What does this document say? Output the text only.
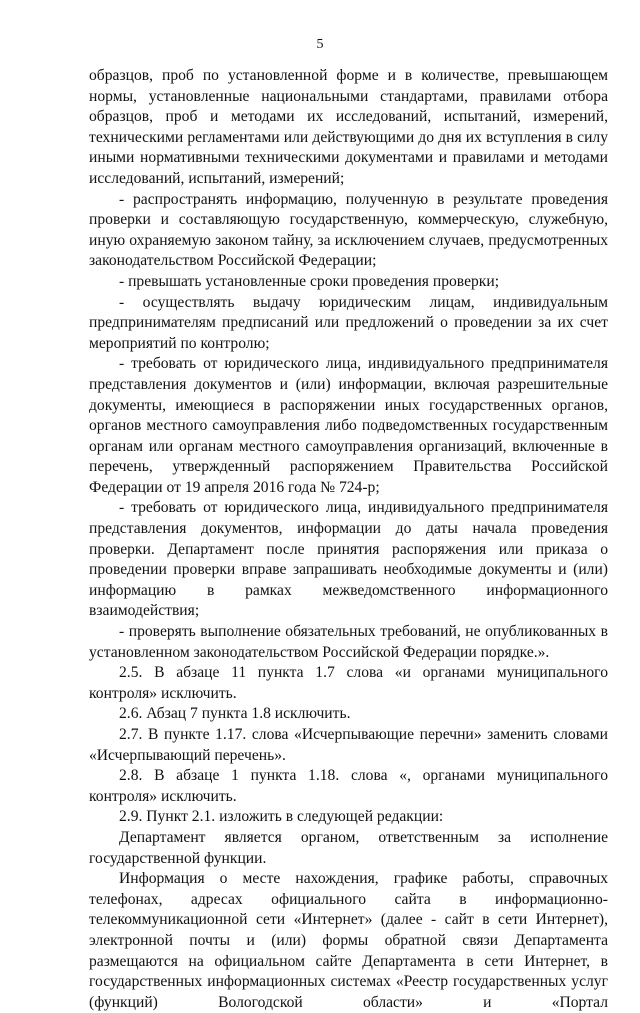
5

образцов, проб по установленной форме и в количестве, превышающем нормы, установленные национальными стандартами, правилами отбора образцов, проб и методами их исследований, испытаний, измерений, техническими регламентами или действующими до дня их вступления в силу иными нормативными техническими документами и правилами и методами исследований, испытаний, измерений;

- распространять информацию, полученную в результате проведения проверки и составляющую государственную, коммерческую, служебную, иную охраняемую законом тайну, за исключением случаев, предусмотренных законодательством Российской Федерации;

- превышать установленные сроки проведения проверки;

- осуществлять выдачу юридическим лицам, индивидуальным предпринимателям предписаний или предложений о проведении за их счет мероприятий по контролю;

- требовать от юридического лица, индивидуального предпринимателя представления документов и (или) информации, включая разрешительные документы, имеющиеся в распоряжении иных государственных органов, органов местного самоуправления либо подведомственных государственным органам или органам местного самоуправления организаций, включенные в перечень, утвержденный распоряжением Правительства Российской Федерации от 19 апреля 2016 года № 724-р;

- требовать от юридического лица, индивидуального предпринимателя представления документов, информации до даты начала проведения проверки. Департамент после принятия распоряжения или приказа о проведении проверки вправе запрашивать необходимые документы и (или) информацию в рамках межведомственного информационного взаимодействия;

- проверять выполнение обязательных требований, не опубликованных в установленном законодательством Российской Федерации порядке.».

2.5. В абзаце 11 пункта 1.7 слова «и органами муниципального контроля» исключить.

2.6. Абзац 7 пункта 1.8 исключить.

2.7. В пункте 1.17. слова «Исчерпывающие перечни» заменить словами «Исчерпывающий перечень».

2.8. В абзаце 1 пункта 1.18. слова «, органами муниципального контроля» исключить.

2.9. Пункт 2.1. изложить в следующей редакции:

Департамент является органом, ответственным за исполнение государственной функции.

Информация о месте нахождения, графике работы, справочных телефонах, адресах официального сайта в информационно-телекоммуникационной сети «Интернет» (далее - сайт в сети Интернет), электронной почты и (или) формы обратной связи Департамента размещаются на официальном сайте Департамента в сети Интернет, в государственных информационных системах «Реестр государственных услуг (функций) Вологодской области» и «Портал
